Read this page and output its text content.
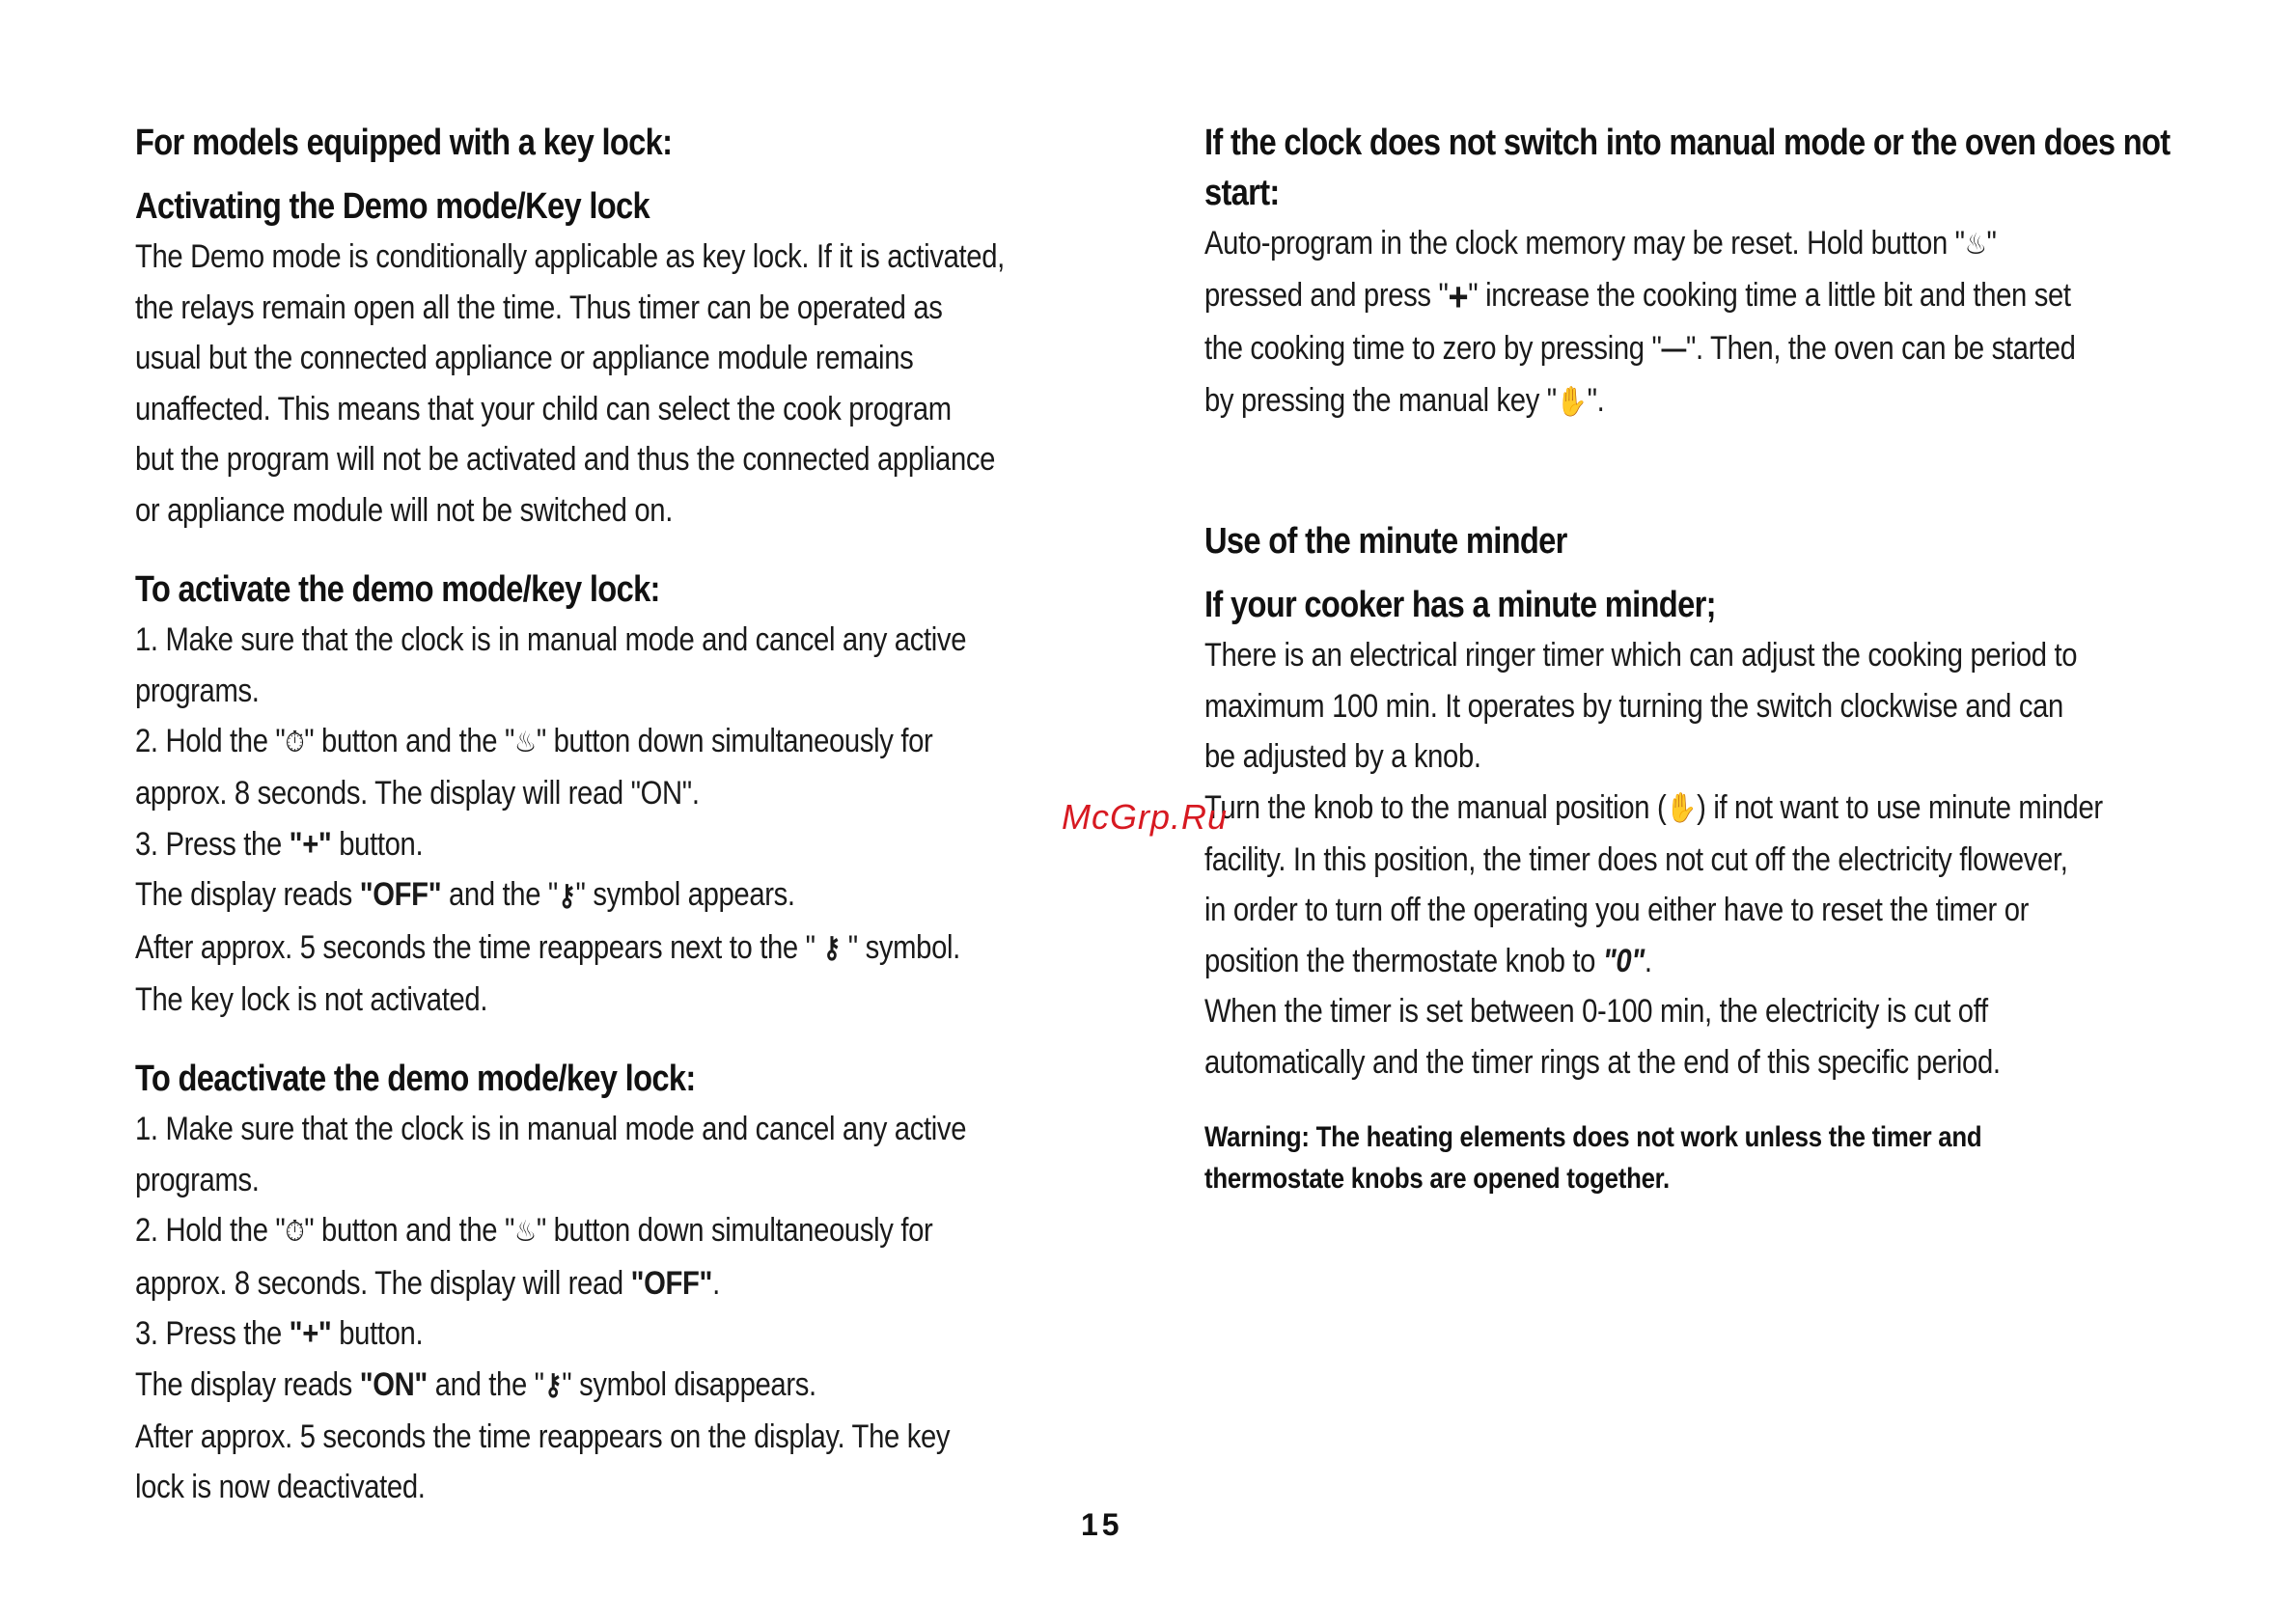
For models equipped with a key lock:
Activating the Demo mode/Key lock
The Demo mode is conditionally applicable as key lock. If it is activated,
the relays remain open all the time. Thus timer can be operated as
usual but the connected appliance or appliance module remains
unaffected. This means that your child can select the cook program
but the program will not be activated and thus the connected appliance
or appliance module will not be switched on.
To activate the demo mode/key lock:
1. Make sure that the clock is in manual mode and cancel any active
programs.
2. Hold the "⏱" button and the "♨" button down simultaneously for
approx. 8 seconds. The display will read "ON".
3. Press the "+" button.
The display reads "OFF" and the "⚷" symbol appears.
After approx. 5 seconds the time reappears next to the " ⚷ " symbol.
The key lock is not activated.
To deactivate the demo mode/key lock:
1. Make sure that the clock is in manual mode and cancel any active
programs.
2. Hold the "⏱" button and the "♨" button down simultaneously for
approx. 8 seconds. The display will read "OFF".
3. Press the "+" button.
The display reads "ON" and the "⚷" symbol disappears.
After approx. 5 seconds the time reappears on the display. The key
lock is now deactivated.
If the clock does not switch into manual mode or the oven does not start:
Auto-program in the clock memory may be reset. Hold button "♨"
pressed and press "+" increase the cooking time a little bit and then set
the cooking time to zero by pressing "—". Then, the oven can be started
by pressing the manual key "✋".
Use of the minute minder
If your cooker has a minute minder;
There is an electrical ringer timer which can adjust the cooking period to
maximum 100 min. It operates by turning the switch clockwise and can
be adjusted by a knob.
Turn the knob to the manual position (✋) if not want to use minute minder
facility. In this position, the timer does not cut off the electricity flowever,
in order to turn off the operating you either have to reset the timer or
position the thermostate knob to "0".
When the timer is set between 0-100 min, the electricity is cut off
automatically and the timer rings at the end of this specific period.
Warning: The heating elements does not work unless the timer and
thermostate knobs are opened together.
McGrp.Ru
15
